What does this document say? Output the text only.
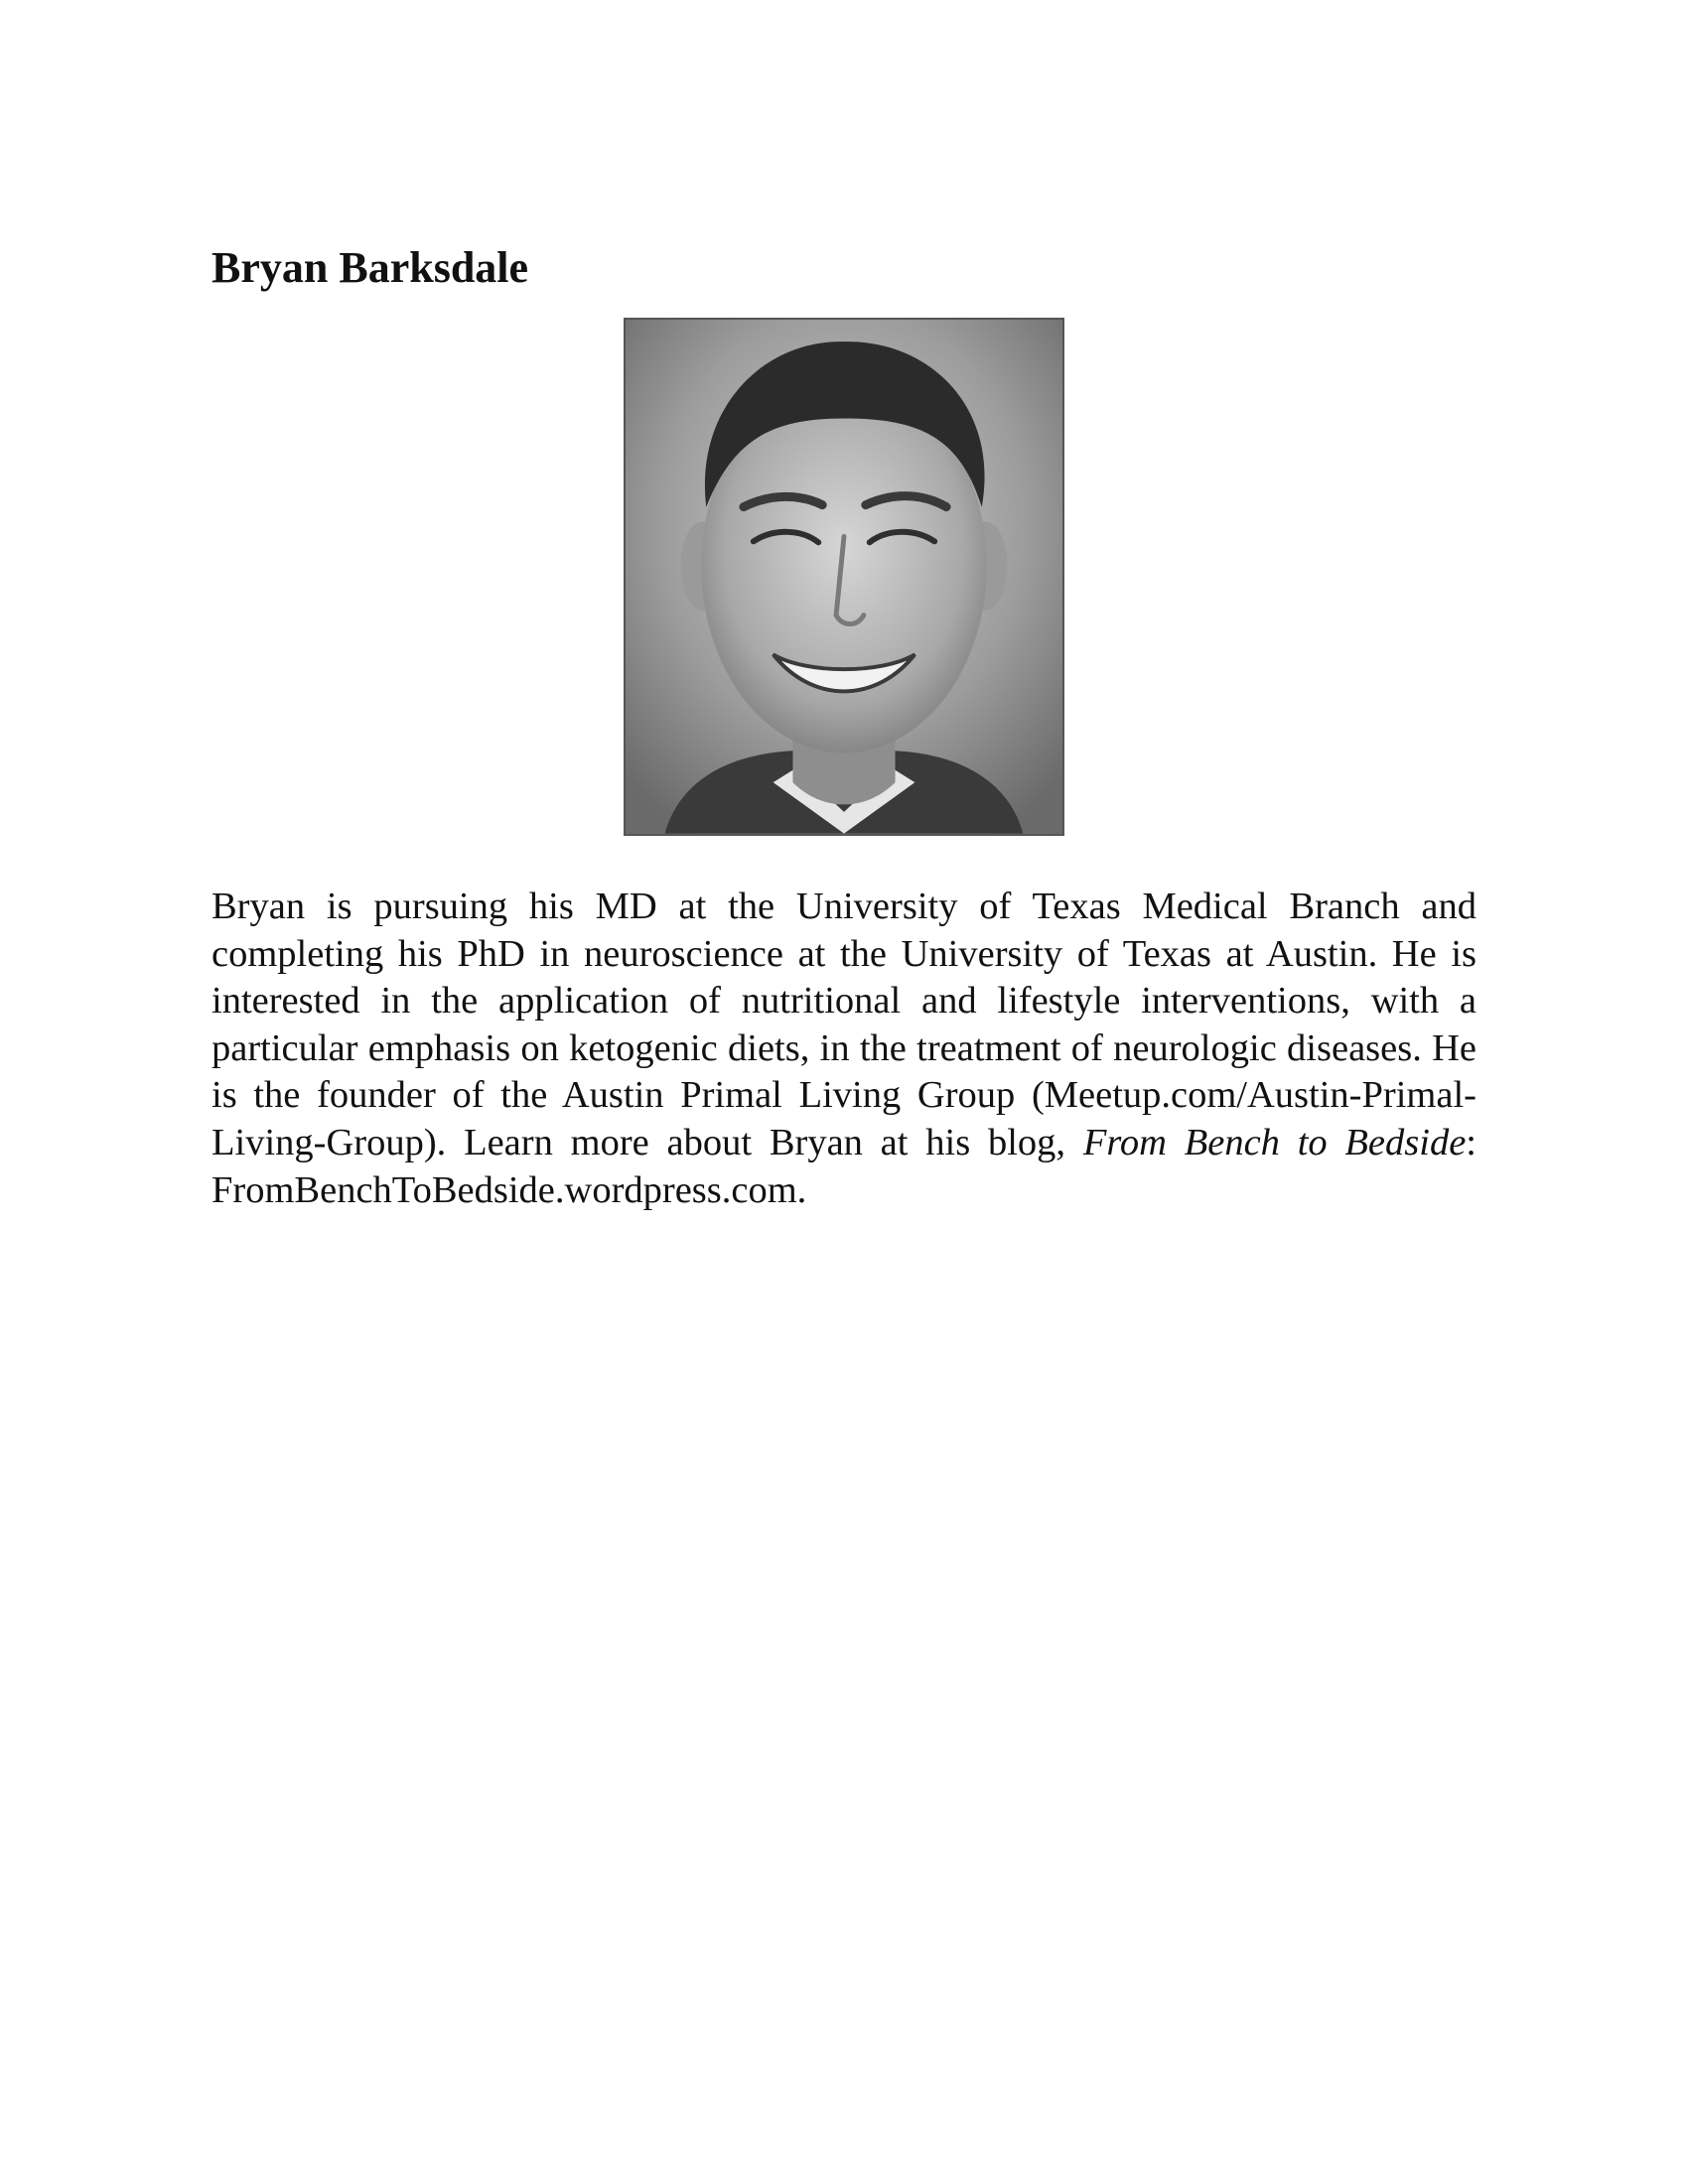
Bryan Barksdale

Bryan is pursuing his MD at the University of Texas Medical Branch and completing his PhD in neuroscience at the University of Texas at Austin. He is interested in the application of nutritional and lifestyle interventions, with a particular emphasis on ketogenic diets, in the treatment of neurologic diseases. He is the founder of the Austin Primal Living Group (Meetup.com/Austin-Primal-Living-Group). Learn more about Bryan at his blog, From Bench to Bedside: FromBenchToBedside.wordpress.com.
